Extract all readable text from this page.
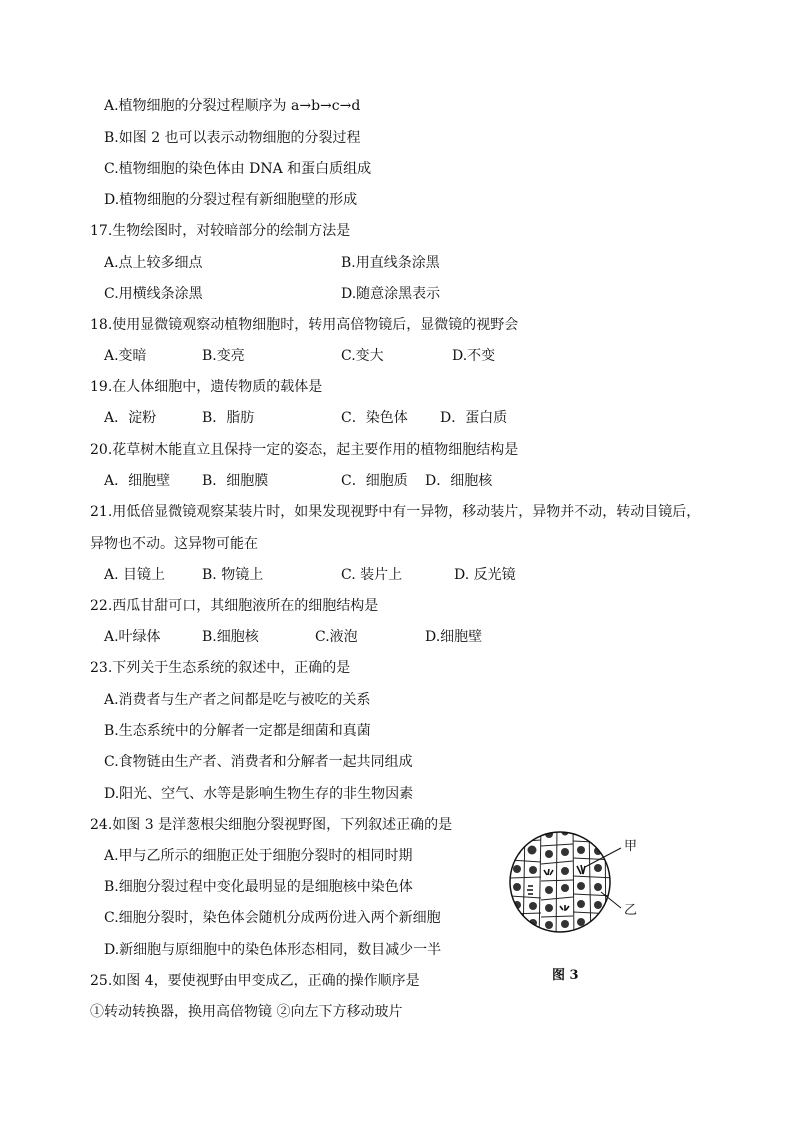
A.植物细胞的分裂过程顺序为 a→b→c→d
B.如图 2 也可以表示动物细胞的分裂过程
C.植物细胞的染色体由 DNA 和蛋白质组成
D.植物细胞的分裂过程有新细胞壁的形成
17.生物绘图时，对较暗部分的绘制方法是
A.点上较多细点	B.用直线条涂黑
C.用横线条涂黑	D.随意涂黑表示
18.使用显微镜观察动植物细胞时，转用高倍物镜后，显微镜的视野会
A.变暗	B.变亮	C.变大	D.不变
19.在人体细胞中，遗传物质的载体是
A．淀粉	B．脂肪	C．染色体 D．蛋白质
20.花草树木能直立且保持一定的姿态，起主要作用的植物细胞结构是
A．细胞壁 B．细胞膜	C．细胞质 D．细胞核
21.用低倍显微镜观察某装片时，如果发现视野中有一异物，移动装片，异物并不动，转动目镜后，
异物也不动。这异物可能在
A. 目镜上	B. 物镜上	C. 装片上	D. 反光镜
22.西瓜甘甜可口，其细胞液所在的细胞结构是
A.叶绿体	B.细胞核	C.液泡	D.细胞壁
23.下列关于生态系统的叙述中，正确的是
A.消费者与生产者之间都是吃与被吃的关系
B.生态系统中的分解者一定都是细菌和真菌
C.食物链由生产者、消费者和分解者一起共同组成
D.阳光、空气、水等是影响生物生存的非生物因素
24.如图 3 是洋葱根尖细胞分裂视野图，下列叙述正确的是
A.甲与乙所示的细胞正处于细胞分裂时的相同时期
B.细胞分裂过程中变化最明显的是细胞核中染色体
C.细胞分裂时，染色体会随机分成两份进入两个新细胞
D.新细胞与原细胞中的染色体形态相同，数目减少一半
25.如图 4，要使视野由甲变成乙，正确的操作顺序是
①转动转换器，换用高倍物镜 ②向左下方移动玻片
甲
乙
图 3
